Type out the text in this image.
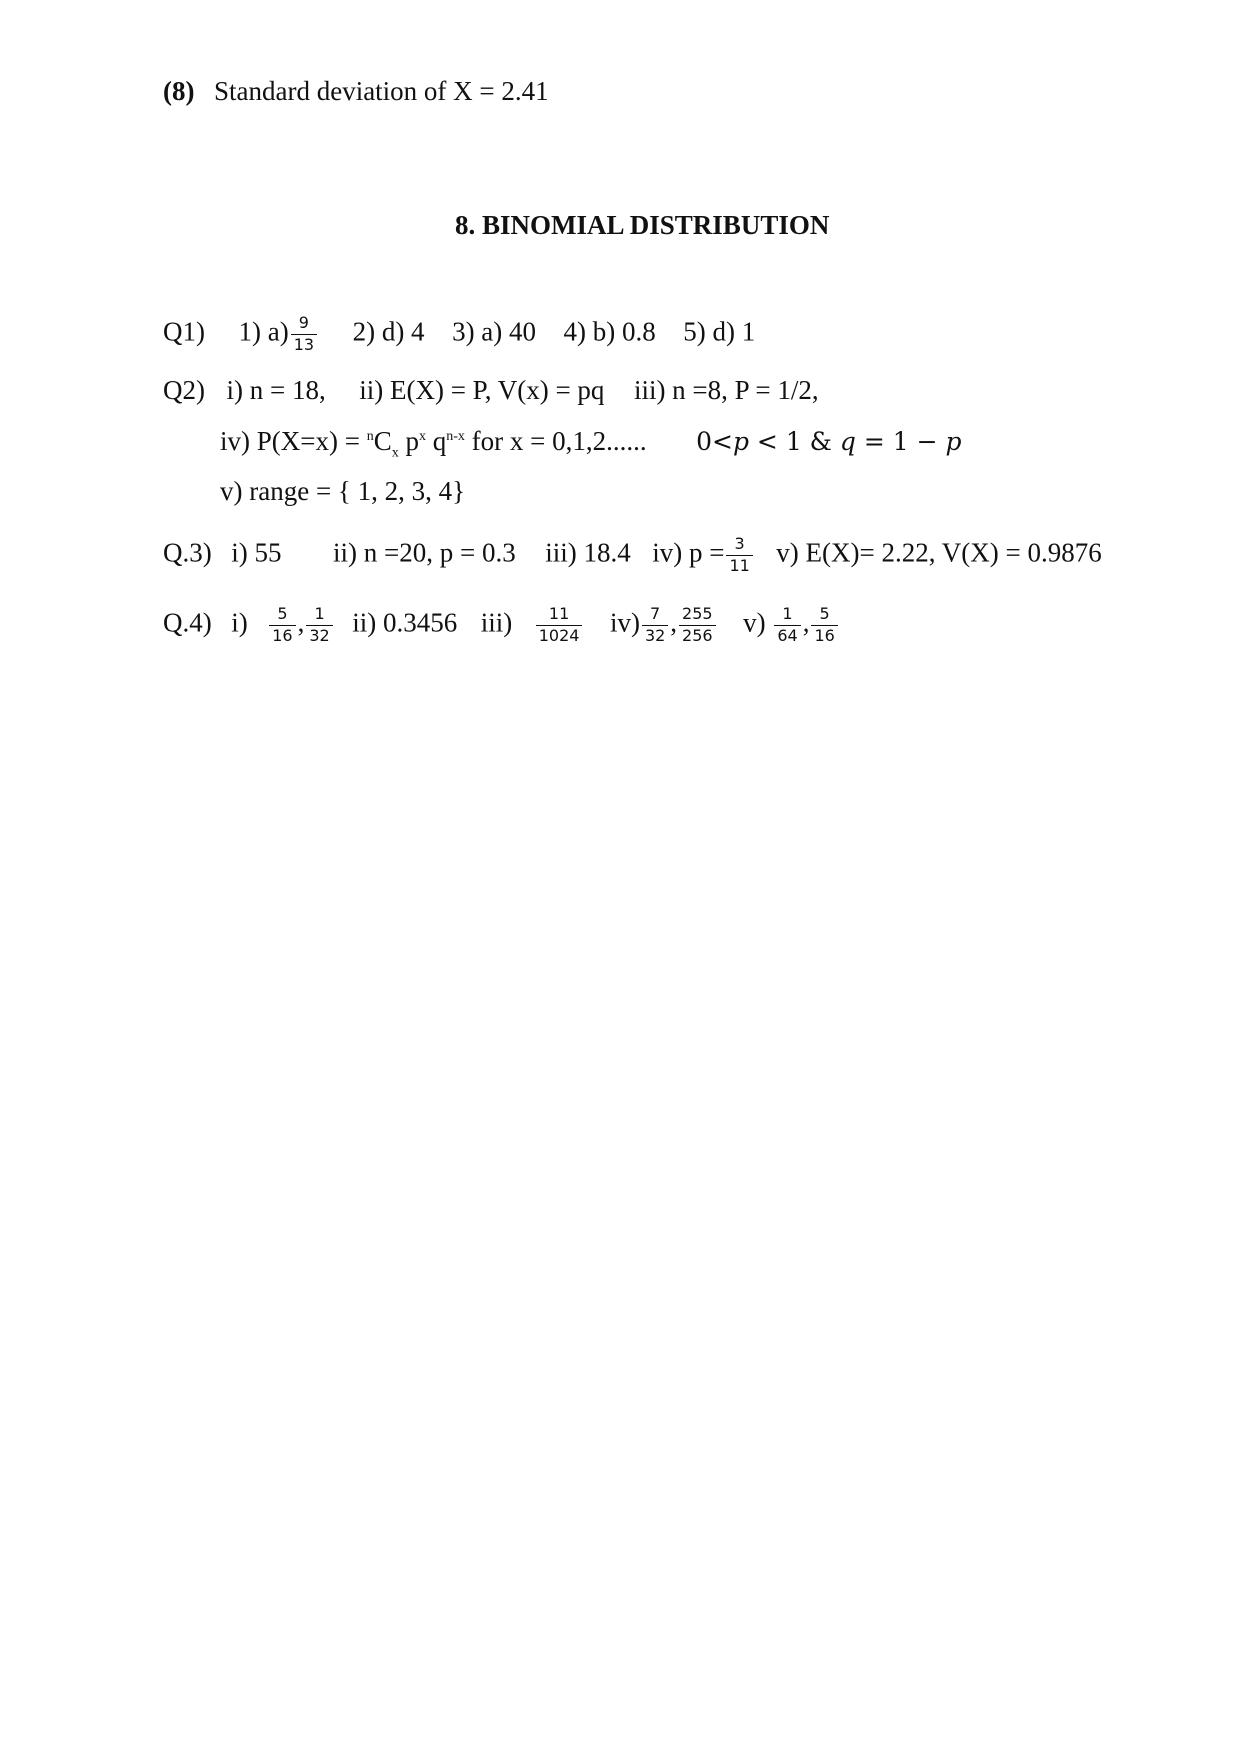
(8) Standard deviation of X = 2.41
8. BINOMIAL DISTRIBUTION
Q1) 1) $a) \frac{9}{13} 2$) d) 4 3) a) 40 4) b) 0.8 5) d) 1
Q2) i) n = 18, ii) E(X) = P, V(x) = pq iii) n =8, P = 1/2,
iv) $P(X=x) = ^nC_x$ $p^x$ $q^{n-x}$ for x = 0,1,2...... 0<p < 1 & q = 1 − p
v) range = { 1, 2, 3, 4}
Q.3) i) 55 ii) n =20, p = 0.3 iii) 18.4 iv) $p = \frac{3}{11} v$) E(X)= 2.22, V(X) = 0.9876
Q.4) $i) \frac{5}{16}$ , $\frac{1}{32} ii$) 0.3456 $iii) \frac{11}{1024} iv) \frac{7}{32}$ , $\frac{255}{256} v) \frac{1}{64}$ , $\frac{5}{16}$
